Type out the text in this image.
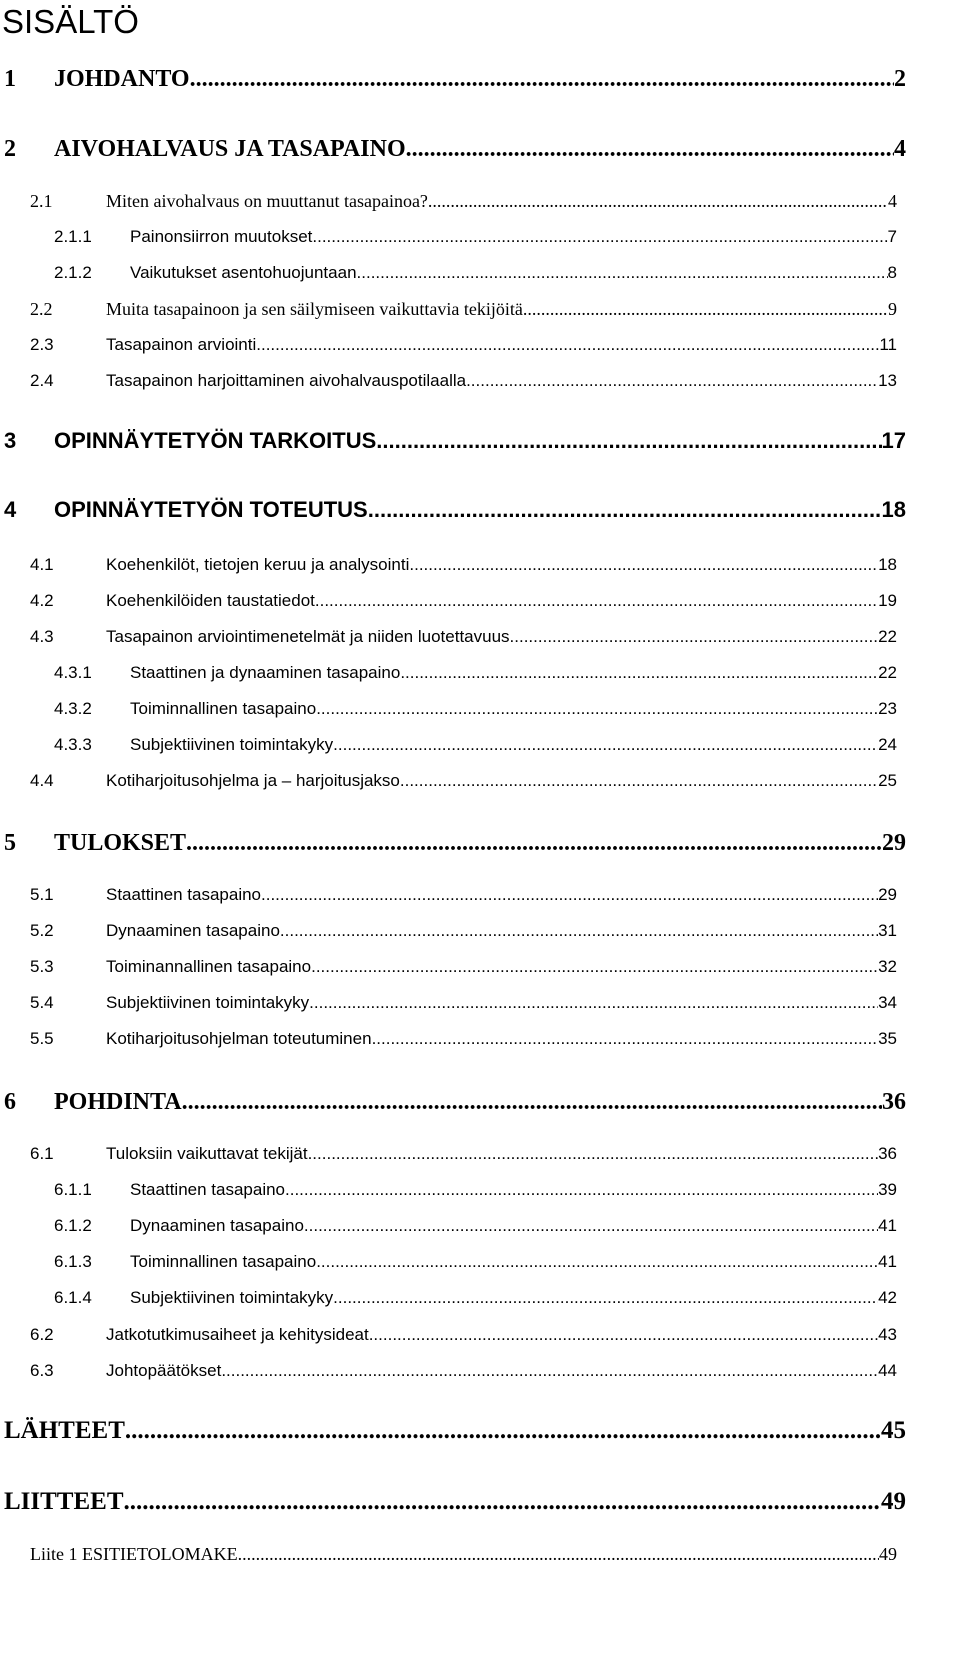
SISÄLTÖ
1 JOHDANTO .....	2
2 AIVOHALVAUS JA TASAPAINO .....	4
2.1	Miten aivohalvaus on muuttanut tasapainoa? .....	4
2.1.1 Painonsiirron muutokset .....	7
2.1.2 Vaikutukset asentohuojuntaan .....	8
2.2	Muita tasapainoon ja sen säilymiseen vaikuttavia tekijöitä .....	9
2.3	Tasapainon arviointi .....	11
2.4	Tasapainon harjoittaminen aivohalvauspotilaalla .....	13
3 OPINNÄYTETYÖN TARKOITUS .....	17
4 OPINNÄYTETYÖN TOTEUTUS .....	18
4.1	Koehenkilöt, tietojen keruu ja analysointi .....	18
4.2	Koehenkilöiden taustatiedot .....	19
4.3	Tasapainon arviointimenetelmät ja niiden luotettavuus .....	22
4.3.1 Staattinen ja dynaaminen tasapaino .....	22
4.3.2 Toiminnallinen tasapaino .....	23
4.3.3 Subjektiivinen toimintakyky .....	24
4.4	Kotiharjoitusohjelma ja – harjoitusjakso .....	25
5 TULOKSET .....	29
5.1	Staattinen tasapaino .....	29
5.2	Dynaaminen tasapaino .....	31
5.3	Toiminannallinen tasapaino .....	32
5.4	Subjektiivinen toimintakyky .....	34
5.5	Kotiharjoitusohjelman toteutuminen .....	35
6 POHDINTA .....	36
6.1	Tuloksiin vaikuttavat tekijät .....	36
6.1.1 Staattinen tasapaino .....	39
6.1.2 Dynaaminen tasapaino .....	41
6.1.3 Toiminnallinen tasapaino .....	41
6.1.4 Subjektiivinen toimintakyky .....	42
6.2	Jatkotutkimusaiheet ja kehitysideat .....	43
6.3	Johtopäätökset .....	44
LÄHTEET .....	45
LIITTEET .....	49
Liite 1 ESITIETOLOMAKE .....	49
